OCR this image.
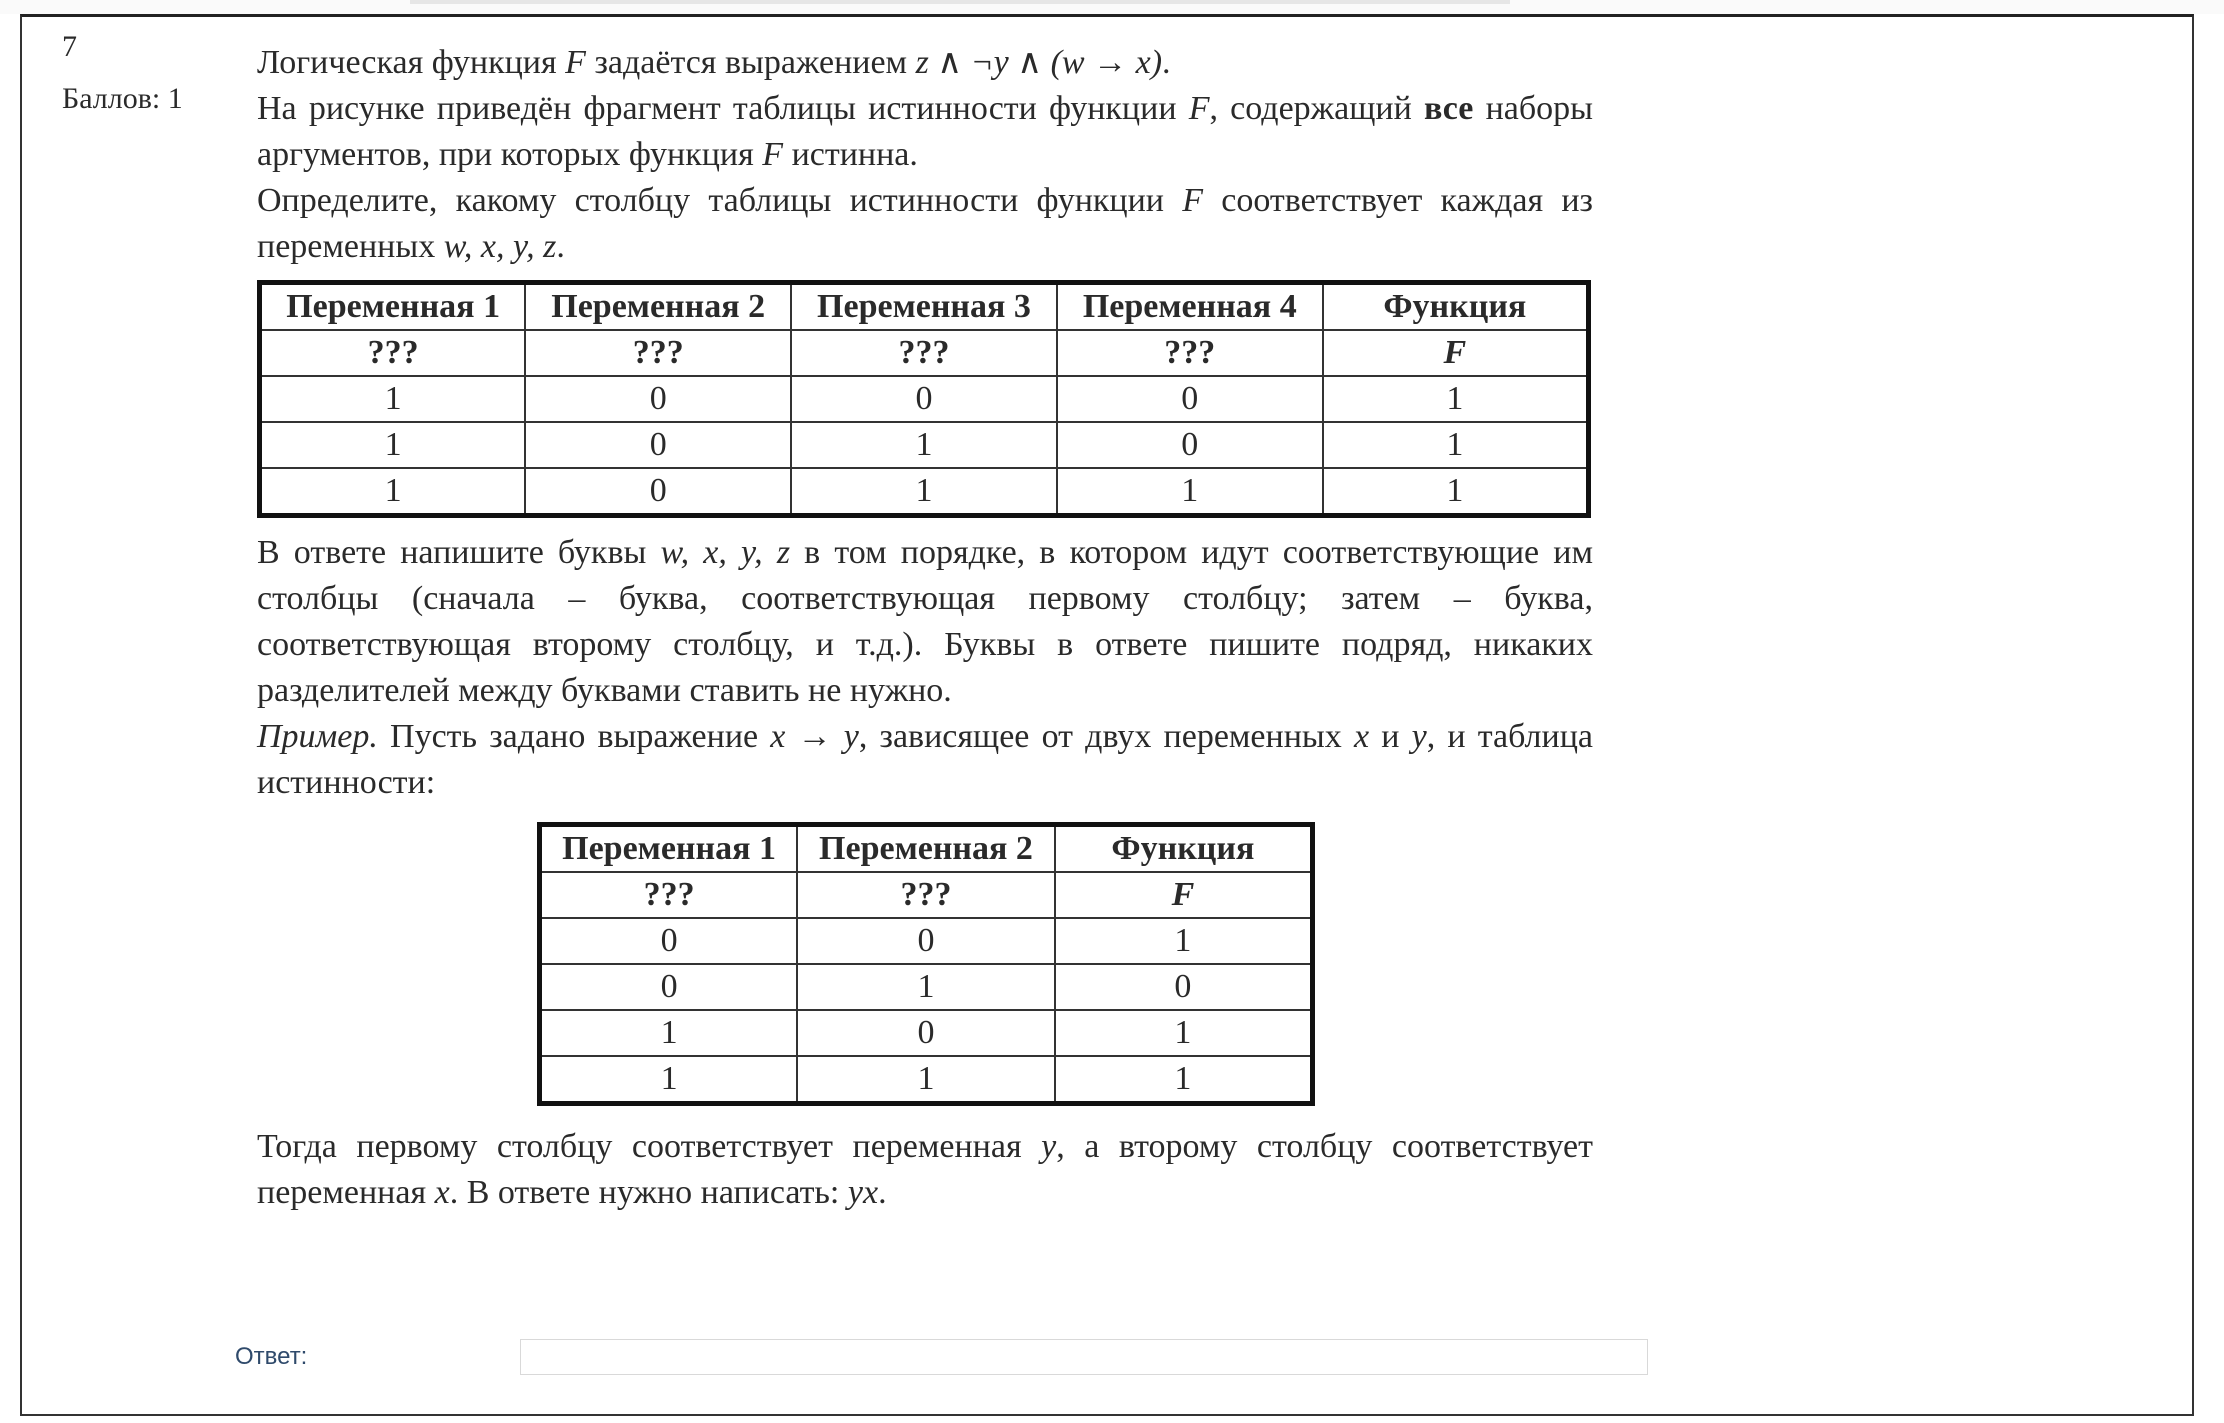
7
Баллов: 1

Логическая функция F задаётся выражением z ∧ ¬y ∧ (w → x).

На рисунке приведён фрагмент таблицы истинности функции F, содержащий все наборы аргументов, при которых функция F истинна.

Определите, какому столбцу таблицы истинности функции F соответствует каждая из переменных w, x, y, z.

Переменная 1	Переменная 2	Переменная 3	Переменная 4	Функция
???	???	???	???	F
1	0	0	0	1
1	0	1	0	1
1	0	1	1	1

В ответе напишите буквы w, x, y, z в том порядке, в котором идут соответствующие им столбцы (сначала – буква, соответствующая первому столбцу; затем – буква, соответствующая второму столбцу, и т.д.). Буквы в ответе пишите подряд, никаких разделителей между буквами ставить не нужно.

Пример. Пусть задано выражение x → y, зависящее от двух переменных x и y, и таблица истинности:

Переменная 1	Переменная 2	Функция
???	???	F
0	0	1
0	1	0
1	0	1
1	1	1

Тогда первому столбцу соответствует переменная y, а второму столбцу соответствует переменная x. В ответе нужно написать: yx.

Ответ:
